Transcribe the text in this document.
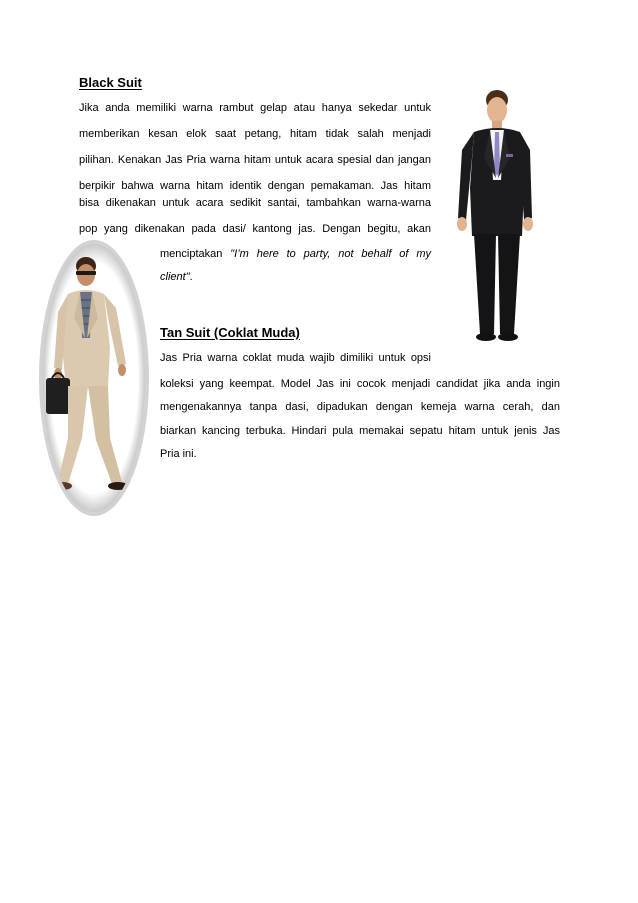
Black Suit
Jika anda memiliki warna rambut gelap atau hanya sekedar untuk
memberikan kesan elok saat petang, hitam tidak salah menjadi
pilihan. Kenakan Jas Pria warna hitam untuk acara spesial dan jangan
berpikir bahwa warna hitam identik dengan pemakaman. Jas hitam
bisa dikenakan untuk acara sedikit santai, tambahkan warna-warna
pop yang dikenakan pada dasi/ kantong jas. Dengan begitu, akan
menciptakan "I’m here to party, not behalf of my
client".
Tan Suit (Coklat Muda)
Jas Pria warna coklat muda wajib dimiliki untuk opsi
koleksi yang keempat. Model Jas ini cocok menjadi candidat jika anda ingin
mengenakannya tanpa dasi, dipadukan dengan kemeja warna cerah, dan
biarkan kancing terbuka. Hindari pula memakai sepatu hitam untuk jenis Jas
Pria ini.
